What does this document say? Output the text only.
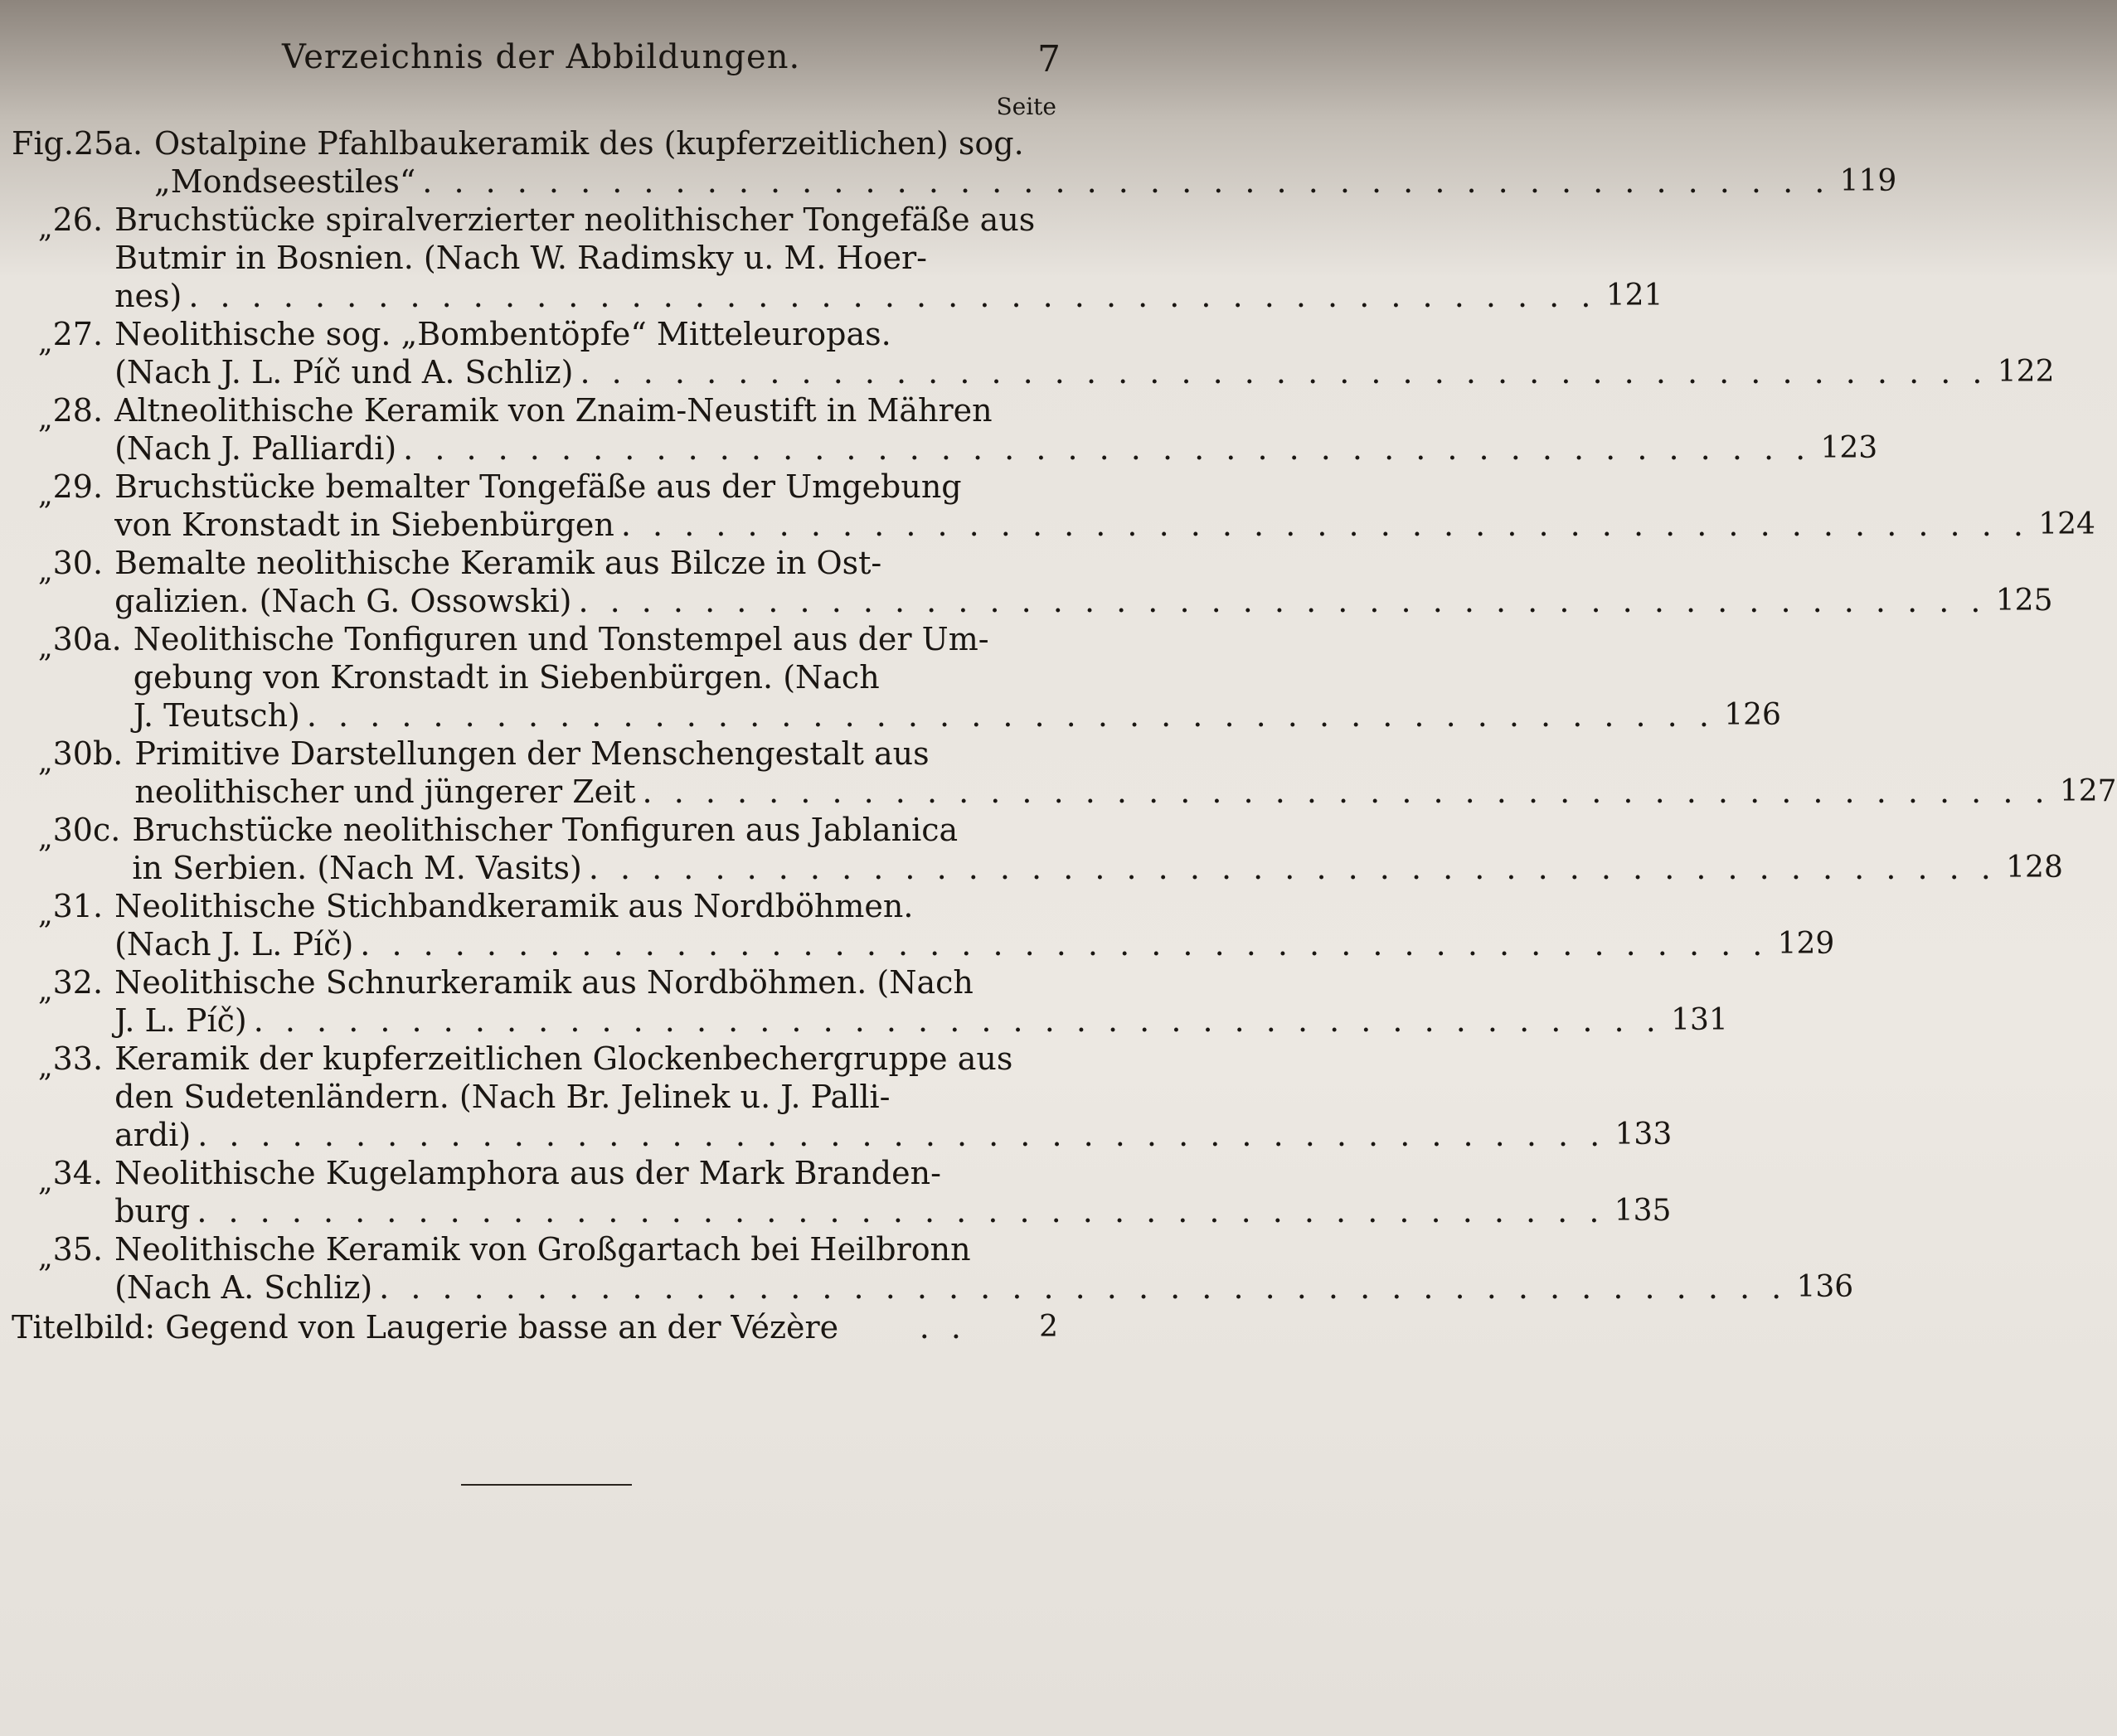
Verzeichnis der Abbildungen.	7
Seite
Fig. 25a. Ostalpine Pfahlbaukeramik des (kupferzeitlichen) sog.
„Mondseestiles“ . . .	119
„ 26. Bruchstücke spiralverzierter neolithischer Tongefäße aus
Butmir in Bosnien. (Nach W. Radimsky u. M. Hoer-
nes) . . .	121
„ 27. Neolithische sog. „Bombentöpfe“ Mitteleuropas.
(Nach J. L. Píč und A. Schliz) . . .	122
„ 28. Altneolithische Keramik von Znaim-Neustift in Mähren
(Nach J. Palliardi) . . .	123
„ 29. Bruchstücke bemalter Tongefäße aus der Umgebung
von Kronstadt in Siebenbürgen . . .	124
„ 30. Bemalte neolithische Keramik aus Bilcze in Ost-
galizien. (Nach G. Ossowski) . . .	125
„ 30a. Neolithische Tonfiguren und Tonstempel aus der Um-
gebung von Kronstadt in Siebenbürgen. (Nach
J. Teutsch) . . .	126
„ 30b. Primitive Darstellungen der Menschengestalt aus
neolithischer und jüngerer Zeit . . .	127
„ 30c. Bruchstücke neolithischer Tonfiguren aus Jablanica
in Serbien. (Nach M. Vasits) . . .	128
„ 31. Neolithische Stichbandkeramik aus Nordböhmen.
(Nach J. L. Píč) . . .	129
„ 32. Neolithische Schnurkeramik aus Nordböhmen. (Nach
J. L. Píč) . . .	131
„ 33. Keramik der kupferzeitlichen Glockenbechergruppe aus
den Sudetenländern. (Nach Br. Jelinek u. J. Palli-
ardi) . . .	133
„ 34. Neolithische Kugelamphora aus der Mark Branden-
burg . . .	135
„ 35. Neolithische Keramik von Großgartach bei Heilbronn
(Nach A. Schliz) . . .	136
Titelbild: Gegend von Laugerie basse an der Vézère . .	2
